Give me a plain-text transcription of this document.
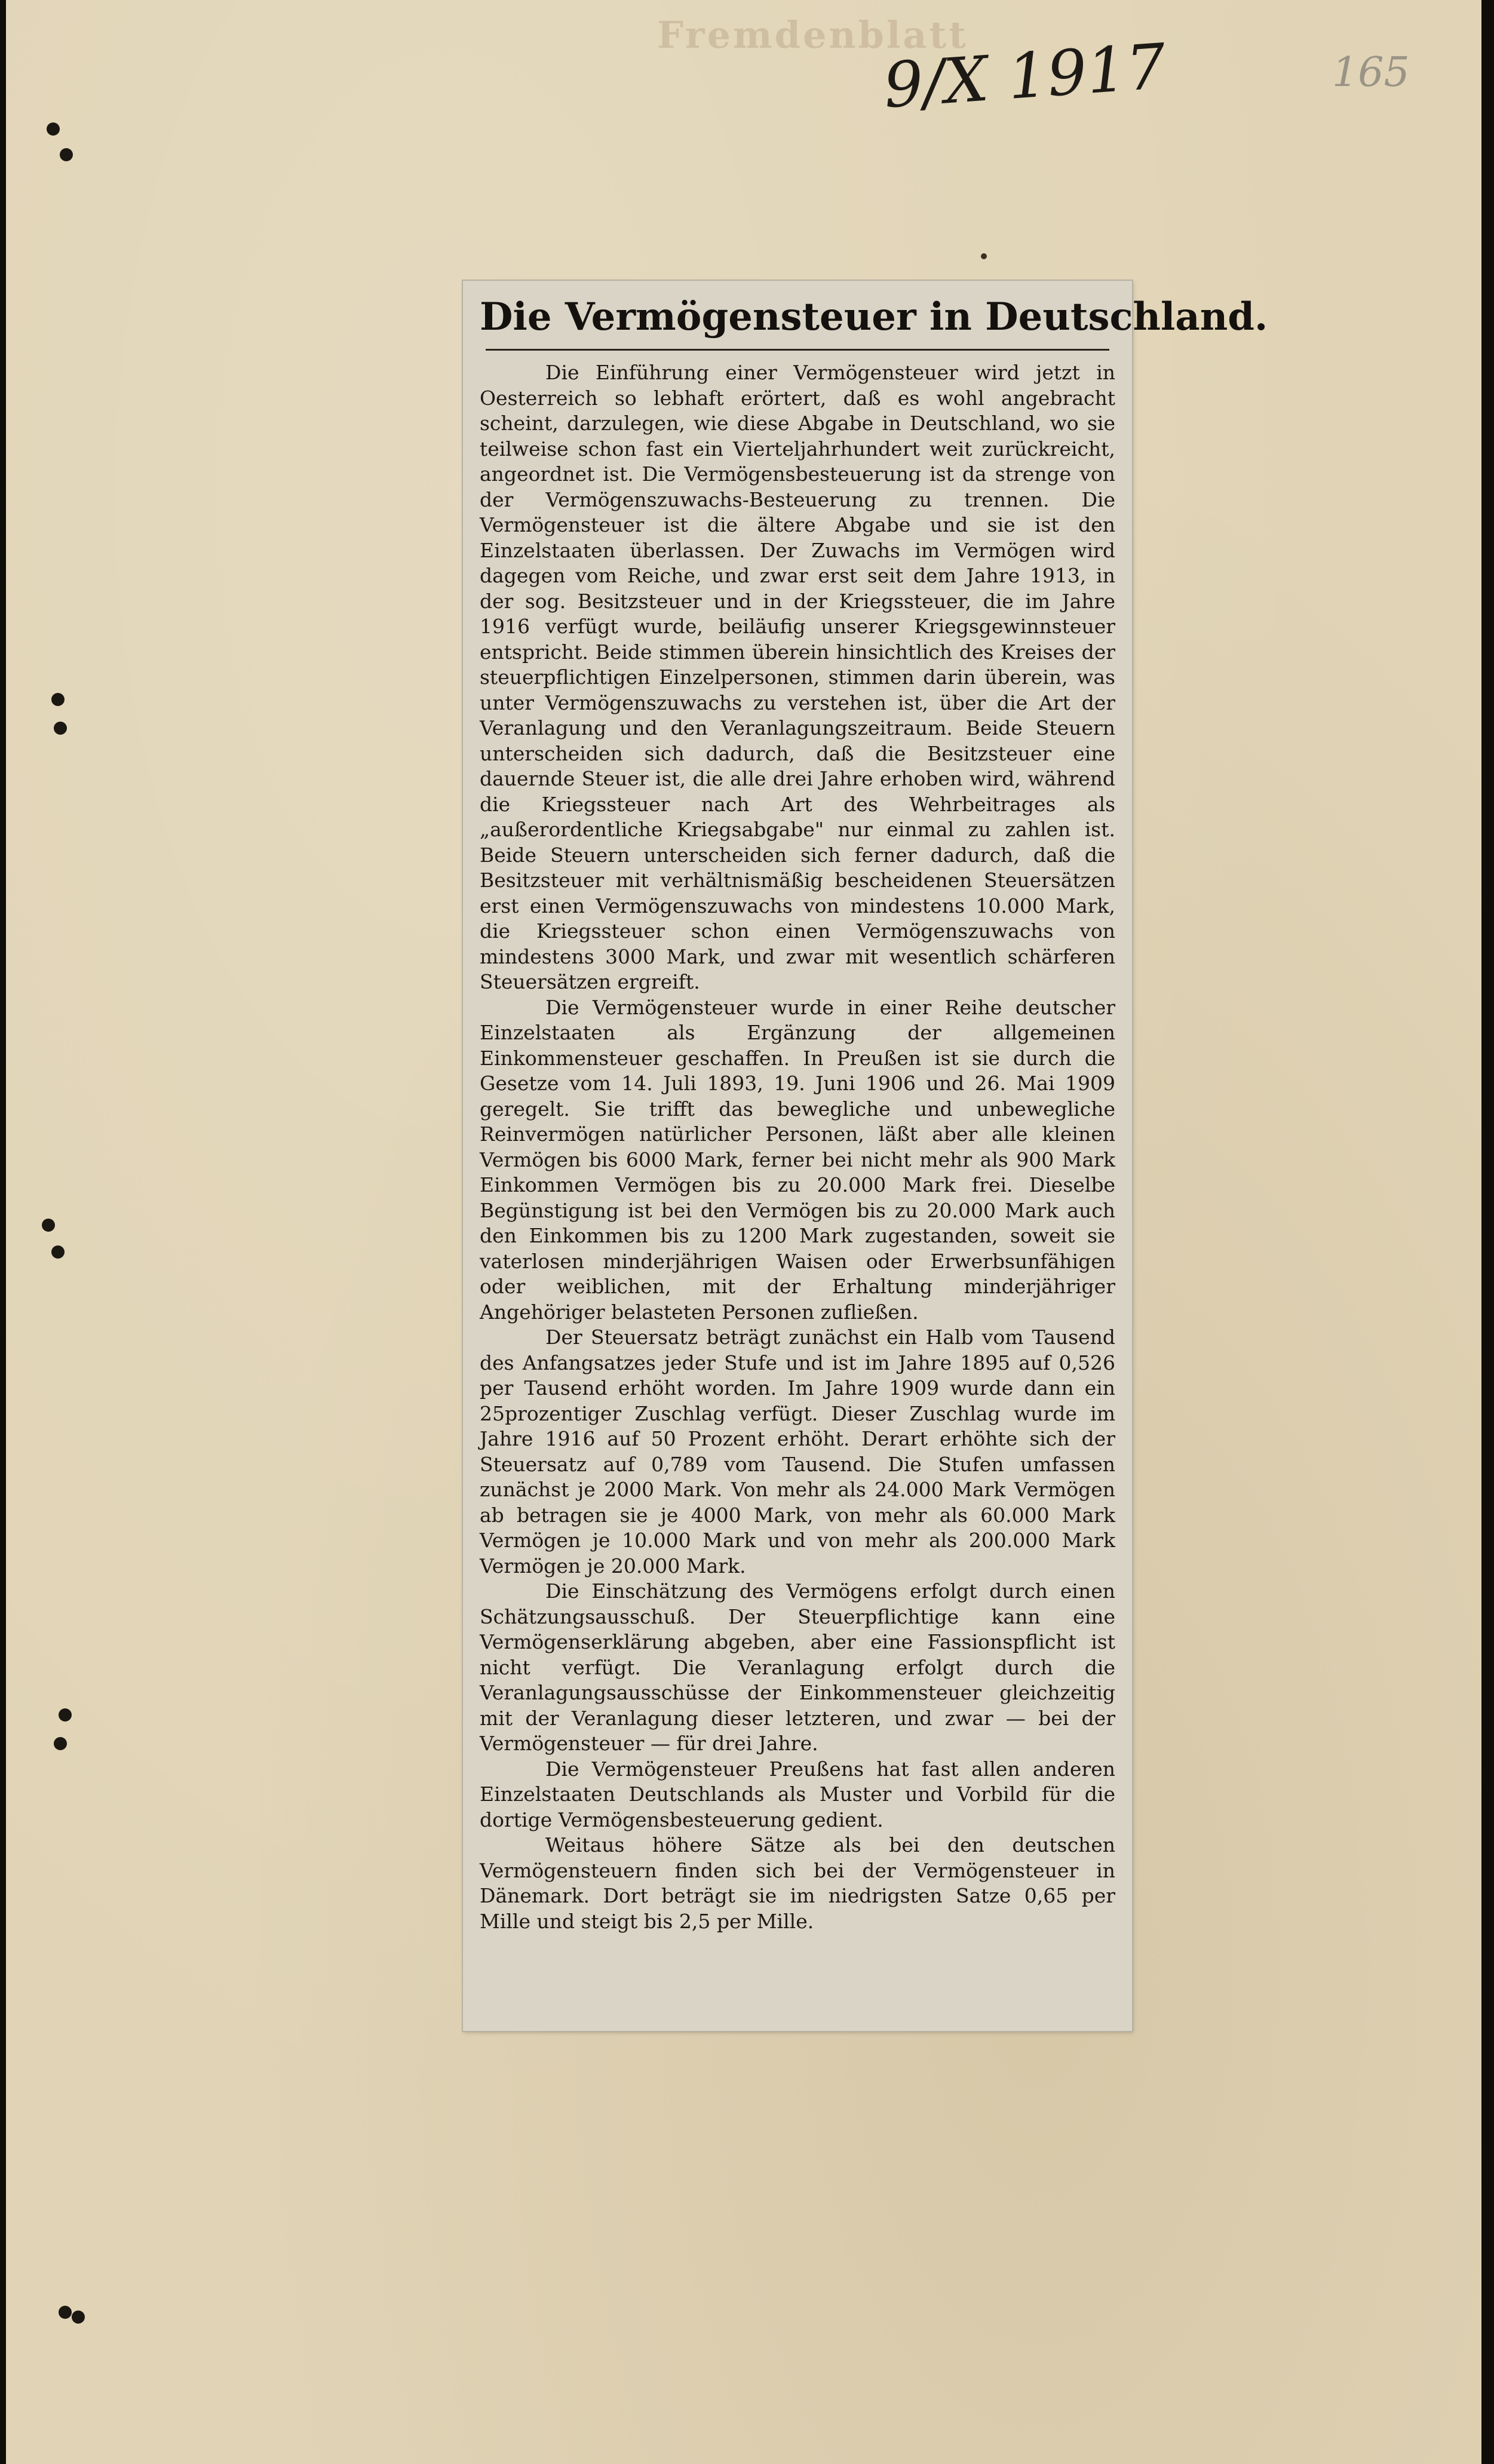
Fremdenblatt
9/X 1917	165
Die Vermögensteuer in Deutschland.

Die Einführung einer Vermögensteuer wird jetzt in Oesterreich so lebhaft erörtert, daß es wohl angebracht scheint, darzulegen, wie diese Abgabe in Deutschland, wo sie teilweise schon fast ein Vierteljahrhundert weit zurückreicht, angeordnet ist. Die Vermögensbesteuerung ist da strenge von der Vermögenszuwachs-Besteuerung zu trennen. Die Vermögensteuer ist die ältere Abgabe und sie ist den Einzelstaaten überlassen. Der Zuwachs im Vermögen wird dagegen vom Reiche, und zwar erst seit dem Jahre 1913, in der sog. Besitzsteuer und in der Kriegssteuer, die im Jahre 1916 verfügt wurde, beiläufig unserer Kriegsgewinnsteuer entspricht. Beide stimmen überein hinsichtlich des Kreises der steuerpflichtigen Einzelpersonen, stimmen darin überein, was unter Vermögenszuwachs zu verstehen ist, über die Art der Veranlagung und den Veranlagungszeitraum. Beide Steuern unterscheiden sich dadurch, daß die Besitzsteuer eine dauernde Steuer ist, die alle drei Jahre erhoben wird, während die Kriegssteuer nach Art des Wehrbeitrages als „außerordentliche Kriegsabgabe" nur einmal zu zahlen ist. Beide Steuern unterscheiden sich ferner dadurch, daß die Besitzsteuer mit verhältnismäßig bescheidenen Steuersätzen erst einen Vermögenszuwachs von mindestens 10.000 Mark, die Kriegssteuer schon einen Vermögenszuwachs von mindestens 3000 Mark, und zwar mit wesentlich schärferen Steuersätzen ergreift.

Die Vermögensteuer wurde in einer Reihe deutscher Einzelstaaten als Ergänzung der allgemeinen Einkommensteuer geschaffen. In Preußen ist sie durch die Gesetze vom 14. Juli 1893, 19. Juni 1906 und 26. Mai 1909 geregelt. Sie trifft das bewegliche und unbewegliche Reinvermögen natürlicher Personen, läßt aber alle kleinen Vermögen bis 6000 Mark, ferner bei nicht mehr als 900 Mark Einkommen Vermögen bis zu 20.000 Mark frei. Dieselbe Begünstigung ist bei den Vermögen bis zu 20.000 Mark auch den Einkommen bis zu 1200 Mark zugestanden, soweit sie vaterlosen minderjährigen Waisen oder Erwerbsunfähigen oder weiblichen, mit der Erhaltung minderjähriger Angehöriger belasteten Personen zufließen.

Der Steuersatz beträgt zunächst ein Halb vom Tausend des Anfangsatzes jeder Stufe und ist im Jahre 1895 auf 0,526 per Tausend erhöht worden. Im Jahre 1909 wurde dann ein 25prozentiger Zuschlag verfügt. Dieser Zuschlag wurde im Jahre 1916 auf 50 Prozent erhöht. Derart erhöhte sich der Steuersatz auf 0,789 vom Tausend. Die Stufen umfassen zunächst je 2000 Mark. Von mehr als 24.000 Mark Vermögen ab betragen sie je 4000 Mark, von mehr als 60.000 Mark Vermögen je 10.000 Mark und von mehr als 200.000 Mark Vermögen je 20.000 Mark.

Die Einschätzung des Vermögens erfolgt durch einen Schätzungsausschuß. Der Steuerpflichtige kann eine Vermögenserklärung abgeben, aber eine Fassionspflicht ist nicht verfügt. Die Veranlagung erfolgt durch die Veranlagungsausschüsse der Einkommensteuer gleichzeitig mit der Veranlagung dieser letzteren, und zwar — bei der Vermögensteuer — für drei Jahre.

Die Vermögensteuer Preußens hat fast allen anderen Einzelstaaten Deutschlands als Muster und Vorbild für die dortige Vermögensbesteuerung gedient.

Weitaus höhere Sätze als bei den deutschen Vermögensteuern finden sich bei der Vermögensteuer in Dänemark. Dort beträgt sie im niedrigsten Satze 0,65 per Mille und steigt bis 2,5 per Mille.
